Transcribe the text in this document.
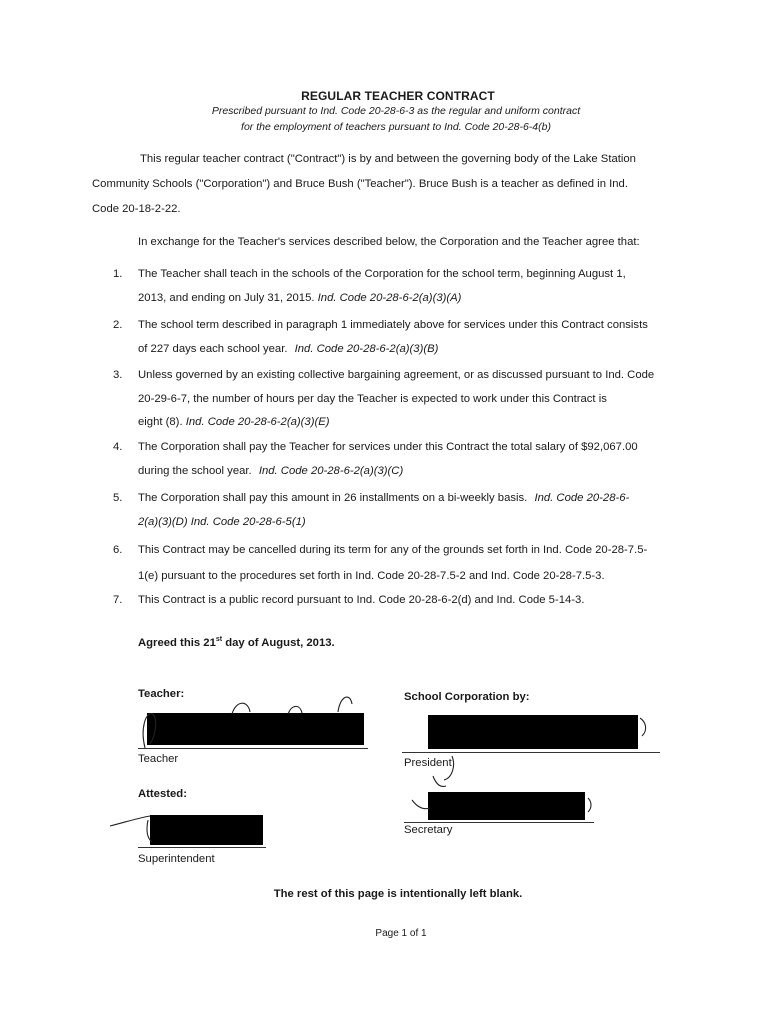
REGULAR TEACHER CONTRACT
Prescribed pursuant to Ind. Code 20-28-6-3 as the regular and uniform contract
for the employment of teachers pursuant to Ind. Code 20-28-6-4(b)
This regular teacher contract ("Contract") is by and between the governing body of the Lake Station
Community Schools ("Corporation") and Bruce Bush ("Teacher"). Bruce Bush is a teacher as defined in Ind.
Code 20-18-2-22.
In exchange for the Teacher's services described below, the Corporation and the Teacher agree that:
1. The Teacher shall teach in the schools of the Corporation for the school term, beginning August 1,
2013, and ending on July 31, 2015. Ind. Code 20-28-6-2(a)(3)(A)
2. The school term described in paragraph 1 immediately above for services under this Contract consists
of 227 days each school year. Ind. Code 20-28-6-2(a)(3)(B)
3. Unless governed by an existing collective bargaining agreement, or as discussed pursuant to Ind. Code
20-29-6-7, the number of hours per day the Teacher is expected to work under this Contract is
eight (8). Ind. Code 20-28-6-2(a)(3)(E)
4. The Corporation shall pay the Teacher for services under this Contract the total salary of $92,067.00
during the school year. Ind. Code 20-28-6-2(a)(3)(C)
5. The Corporation shall pay this amount in 26 installments on a bi-weekly basis. Ind. Code 20-28-6-
2(a)(3)(D) Ind. Code 20-28-6-5(1)
6. This Contract may be cancelled during its term for any of the grounds set forth in Ind. Code 20-28-7.5-
1(e) pursuant to the procedures set forth in Ind. Code 20-28-7.5-2 and Ind. Code 20-28-7.5-3.
7. This Contract is a public record pursuant to Ind. Code 20-28-6-2(d) and Ind. Code 5-14-3.
Agreed this 21st day of August, 2013.
Teacher:
Teacher
Attested:
Superintendent
School Corporation by:
President
Secretary
The rest of this page is intentionally left blank.
Page 1 of 1
